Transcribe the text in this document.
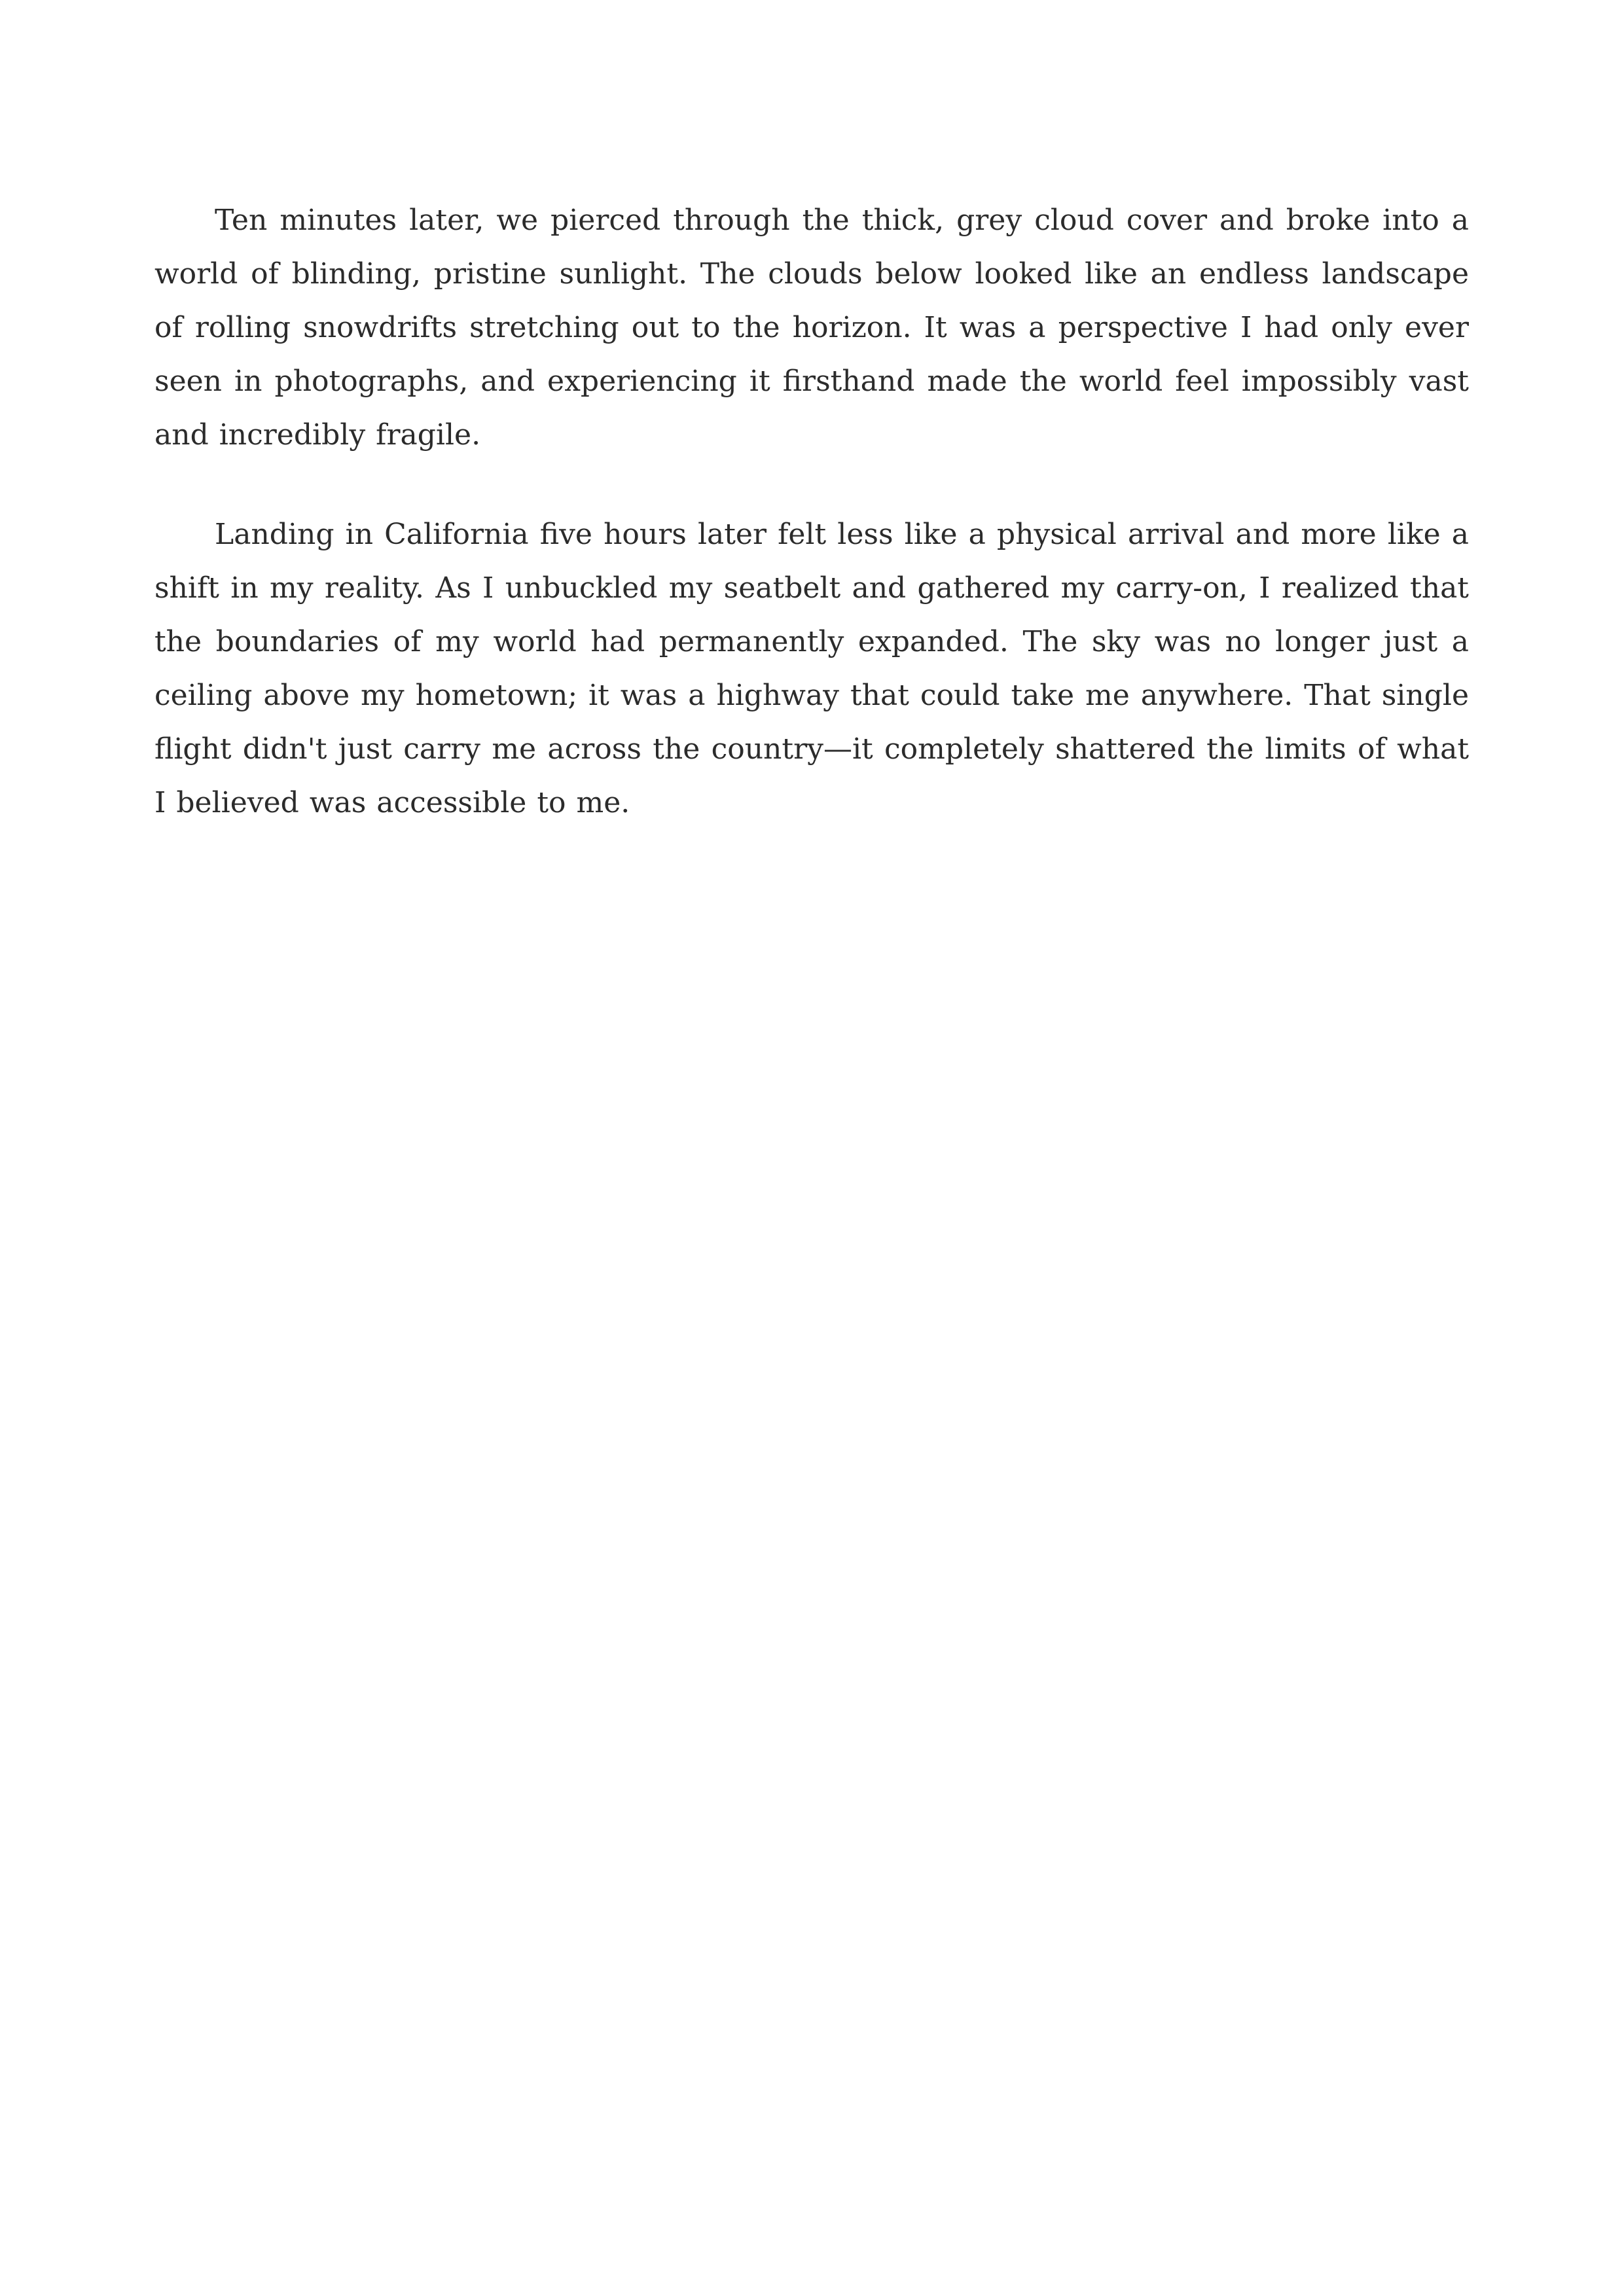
Ten minutes later, we pierced through the thick, grey cloud cover and broke into a world of blinding, pristine sunlight. The clouds below looked like an endless landscape of rolling snowdrifts stretching out to the horizon. It was a perspective I had only ever seen in photographs, and experiencing it firsthand made the world feel impossibly vast and incredibly fragile.

Landing in California five hours later felt less like a physical arrival and more like a shift in my reality. As I unbuckled my seatbelt and gathered my carry-on, I realized that the boundaries of my world had permanently expanded. The sky was no longer just a ceiling above my hometown; it was a highway that could take me anywhere. That single flight didn't just carry me across the country—it completely shattered the limits of what I believed was accessible to me.
